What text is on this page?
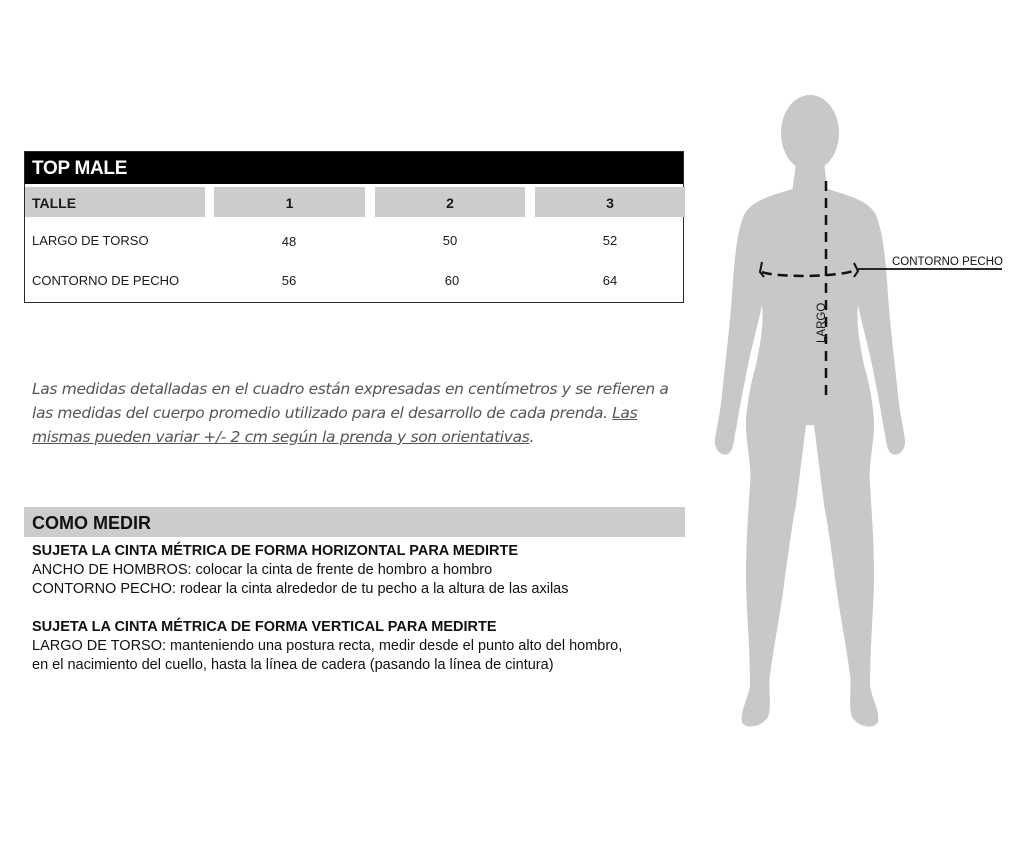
TOP MALE
TALLE	1	2	3
LARGO DE TORSO	48	50	52
CONTORNO DE PECHO	56	60	64
Las medidas detalladas en el cuadro están expresadas en centímetros y se refieren a las medidas del cuerpo promedio utilizado para el desarrollo de cada prenda. Las mismas pueden variar +/- 2 cm según la prenda y son orientativas.
COMO MEDIR
SUJETA LA CINTA MÉTRICA DE FORMA HORIZONTAL PARA MEDIRTE
ANCHO DE HOMBROS: colocar la cinta de frente de hombro a hombro
CONTORNO PECHO: rodear la cinta alrededor de tu pecho a la altura de las axilas
SUJETA LA CINTA MÉTRICA DE FORMA VERTICAL PARA MEDIRTE
LARGO DE TORSO: manteniendo una postura recta, medir desde el punto alto del hombro,
en el nacimiento del cuello, hasta la línea de cadera (pasando la línea de cintura)
CONTORNO PECHO
LARGO
